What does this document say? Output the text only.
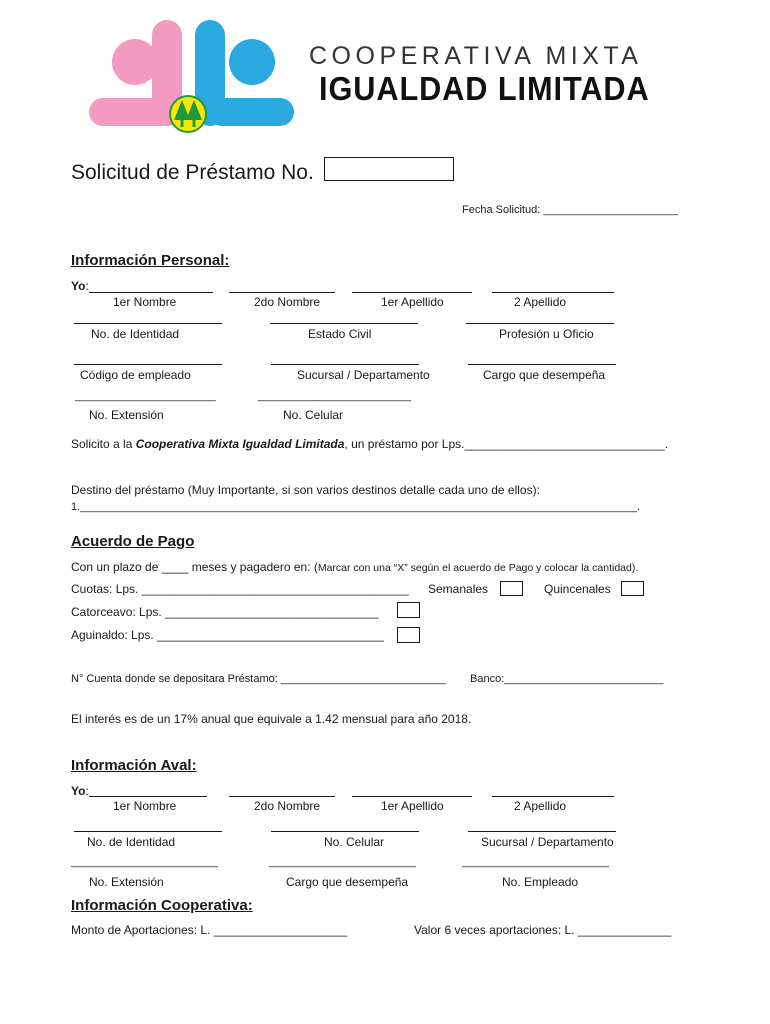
COOPERATIVA MIXTA
IGUALDAD LIMITADA
Solicitud de Préstamo No.
Fecha Solicitud: ______________________
Información Personal:
Yo:
1er Nombre	2do Nombre	1er Apellido	2 Apellido
No. de Identidad	Estado Civil	Profesión u Oficio
Código de empleado	Sucursal / Departamento	Cargo que desempeña
_______________________	_________________________
No. Extensión	No. Celular
Solicito a la Cooperativa Mixta Igualdad Limitada, un préstamo por Lps.______________________________.
Destino del préstamo (Muy Importante, si son varios destinos detalle cada uno de ellos):
1.___________________________________________________________________________________________.
Acuerdo de Pago
Con un plazo de ____ meses y pagadero en: (Marcar con una “X” según el acuerdo de Pago y colocar la cantidad).
Cuotas: Lps. ________________________________________ Semanales	Quincenales
Catorceavo: Lps. ________________________________
Aguinaldo: Lps. __________________________________
N° Cuenta donde se depositara Préstamo: ___________________________ Banco:__________________________
El interés es de un 17% anual que equivale a 1.42 mensual para año 2018.
Información Aval:
Yo:
1er Nombre	2do Nombre	1er Apellido	2 Apellido
No. de Identidad	No. Celular	Sucursal / Departamento
________________________	________________________	________________________
No. Extensión	Cargo que desempeña	No. Empleado
Información Cooperativa:
Monto de Aportaciones: L. ____________________	Valor 6 veces aportaciones: L. ______________
